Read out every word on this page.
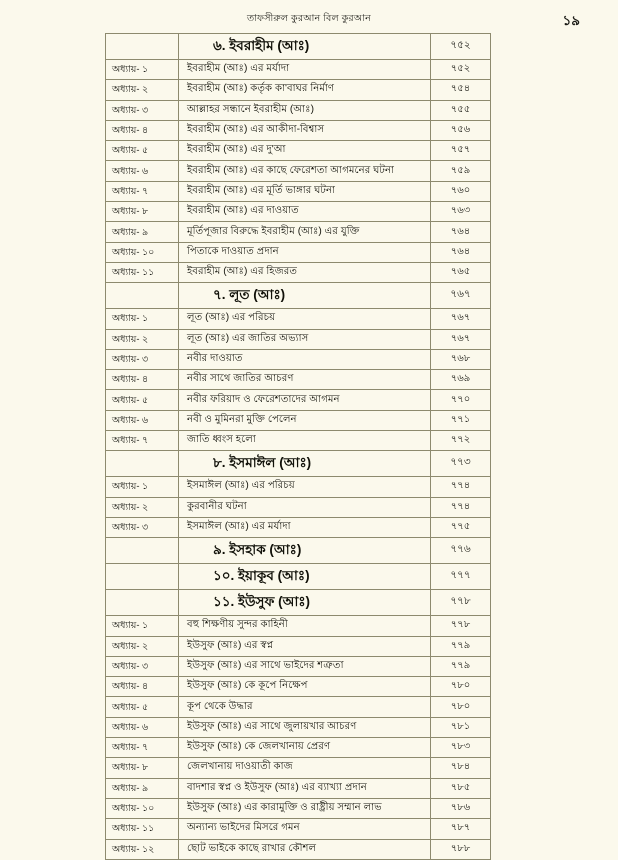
তাফসীরুল কুরআন বিল কুরআন	১৯
	৬. ইবরাহীম (আঃ)	৭৫২
অধ্যায়- ১	ইবরাহীম (আঃ) এর মর্যাদা	৭৫২
অধ্যায়- ২	ইবরাহীম (আঃ) কর্তৃক কা'বাঘর নির্মাণ	৭৫৪
অধ্যায়- ৩	আল্লাহর সন্ধানে ইবরাহীম (আঃ)	৭৫৫
অধ্যায়- ৪	ইবরাহীম (আঃ) এর আকীদা-বিশ্বাস	৭৫৬
অধ্যায়- ৫	ইবরাহীম (আঃ) এর দু'আ	৭৫৭
অধ্যায়- ৬	ইবরাহীম (আঃ) এর কাছে ফেরেশতা আগমনের ঘটনা	৭৫৯
অধ্যায়- ৭	ইবরাহীম (আঃ) এর মূর্তি ভাঙ্গার ঘটনা	৭৬০
অধ্যায়- ৮	ইবরাহীম (আঃ) এর দাওয়াত	৭৬৩
অধ্যায়- ৯	মূর্তিপূজার বিরুদ্ধে ইবরাহীম (আঃ) এর যুক্তি	৭৬৪
অধ্যায়- ১০	পিতাকে দাওয়াত প্রদান	৭৬৪
অধ্যায়- ১১	ইবরাহীম (আঃ) এর হিজরত	৭৬৫
	৭. লূত (আঃ)	৭৬৭
অধ্যায়- ১	লূত (আঃ) এর পরিচয়	৭৬৭
অধ্যায়- ২	লূত (আঃ) এর জাতির অভ্যাস	৭৬৭
অধ্যায়- ৩	নবীর দাওয়াত	৭৬৮
অধ্যায়- ৪	নবীর সাথে জাতির আচরণ	৭৬৯
অধ্যায়- ৫	নবীর ফরিয়াদ ও ফেরেশতাদের আগমন	৭৭০
অধ্যায়- ৬	নবী ও মুমিনরা মুক্তি পেলেন	৭৭১
অধ্যায়- ৭	জাতি ধ্বংস হলো	৭৭২
	৮. ইসমাঈল (আঃ)	৭৭৩
অধ্যায়- ১	ইসমাঈল (আঃ) এর পরিচয়	৭৭৪
অধ্যায়- ২	কুরবানীর ঘটনা	৭৭৪
অধ্যায়- ৩	ইসমাঈল (আঃ) এর মর্যাদা	৭৭৫
	৯. ইসহাক (আঃ)	৭৭৬
	১০. ইয়াকূব (আঃ)	৭৭৭
	১১. ইউসুফ (আঃ)	৭৭৮
অধ্যায়- ১	বহু শিক্ষণীয় সুন্দর কাহিনী	৭৭৮
অধ্যায়- ২	ইউসুফ (আঃ) এর স্বপ্ন	৭৭৯
অধ্যায়- ৩	ইউসুফ (আঃ) এর সাথে ভাইদের শত্রুতা	৭৭৯
অধ্যায়- ৪	ইউসুফ (আঃ) কে কূপে নিক্ষেপ	৭৮০
অধ্যায়- ৫	কূপ থেকে উদ্ধার	৭৮০
অধ্যায়- ৬	ইউসুফ (আঃ) এর সাথে জুলায়খার আচরণ	৭৮১
অধ্যায়- ৭	ইউসুফ (আঃ) কে জেলখানায় প্রেরণ	৭৮৩
অধ্যায়- ৮	জেলখানায় দাওয়াতী কাজ	৭৮৪
অধ্যায়- ৯	বাদশার স্বপ্ন ও ইউসুফ (আঃ) এর ব্যাখ্যা প্রদান	৭৮৫
অধ্যায়- ১০	ইউসুফ (আঃ) এর কারামুক্তি ও রাষ্ট্রীয় সম্মান লাভ	৭৮৬
অধ্যায়- ১১	অন্যান্য ভাইদের মিসরে গমন	৭৮৭
অধ্যায়- ১২	ছোট ভাইকে কাছে রাখার কৌশল	৭৮৮
